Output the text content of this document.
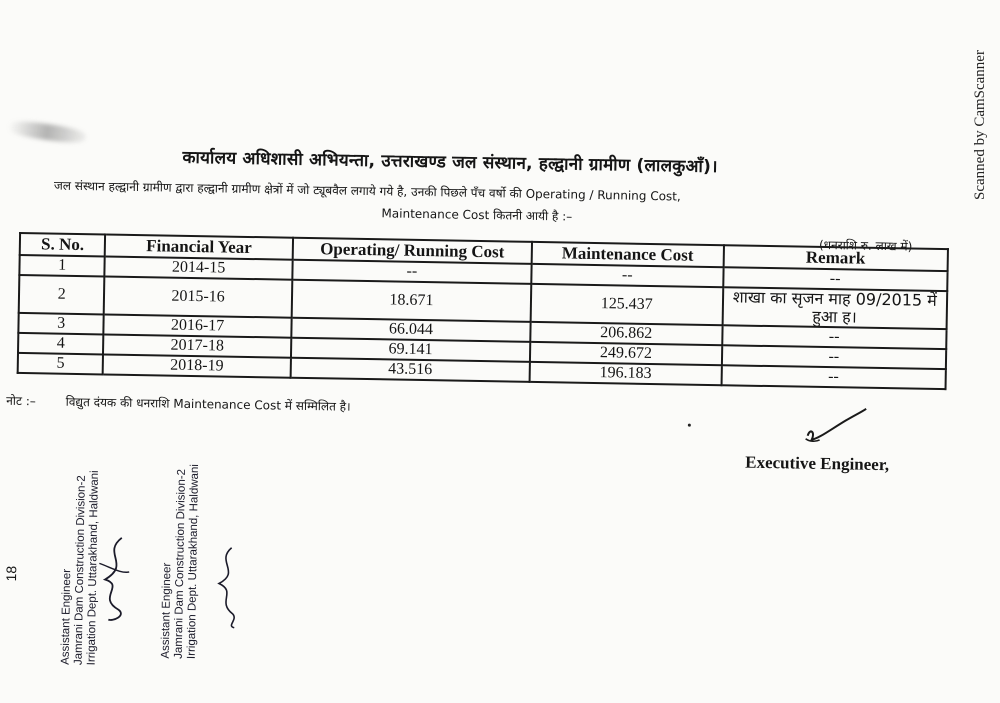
Scanned by CamScanner
कार्यालय अधिशासी अभियन्ता, उत्तराखण्ड जल संस्थान, हल्द्वानी ग्रामीण (लालकुआँ)।
जल संस्थान हल्द्वानी ग्रामीण द्वारा हल्द्वानी ग्रामीण क्षेत्रों में जो ट्यूबवैल लगाये गये है, उनकी पिछले पँच वर्षो की Operating / Running Cost,
Maintenance Cost कितनी आयी है :–
(धनराशि रु. लाख में)
S. No.	Financial Year	Operating/ Running Cost	Maintenance Cost	Remark
1	2014-15	--	--	--
2	2015-16	18.671	125.437	शाखा का सृजन माह 09/2015 में हुआ ह।
3	2016-17	66.044	206.862	--
4	2017-18	69.141	249.672	--
5	2018-19	43.516	196.183	--
नोट :– विद्युत दंयक की धनराशि Maintenance Cost में सम्मिलित है।
Executive Engineer,
Assistant Engineer Jamrani Dam Construction Division-2
Irrigation Dept. Uttarakhand, Haldwani	Assistant Engineer Jamrani Dam Construction Division-2
Irrigation Dept. Uttarakhand, Haldwani
18
